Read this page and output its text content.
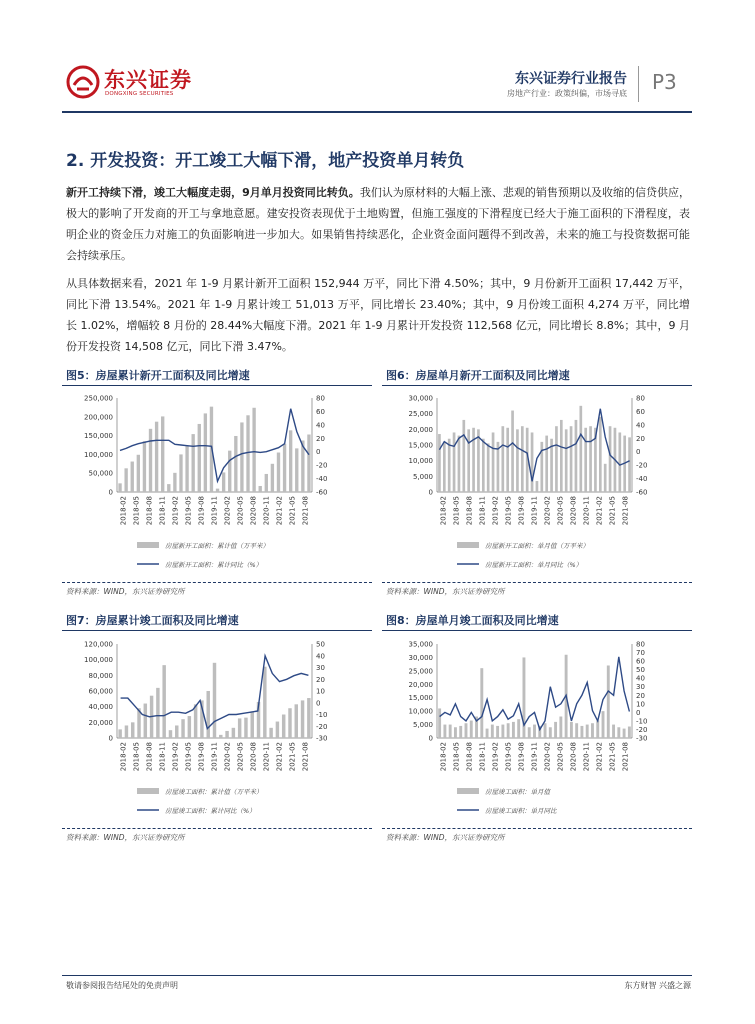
东兴证券
DONGXING SECURITIES
东兴证券行业报告
房地产行业：政策纠偏，市场寻底 P3
2. 开发投资：开工竣工大幅下滑，地产投资单月转负
新开工持续下滑，竣工大幅度走弱，9月单月投资同比转负。我们认为原材料的大幅上涨、悲观的销售预期以及收缩的信贷供应，极大的影响了开发商的开工与拿地意愿。建安投资表现优于土地购置，但施工强度的下滑程度已经大于施工面积的下滑程度，表明企业的资金压力对施工的负面影响进一步加大。如果销售持续恶化，企业资金面问题得不到改善，未来的施工与投资数据可能会持续承压。
从具体数据来看，2021 年 1-9 月累计新开工面积 152,944 万平，同比下滑 4.50%；其中，9 月份新开工面积 17,442 万平，同比下滑 13.54%。2021 年 1-9 月累计竣工 51,013 万平，同比增长 23.40%；其中，9 月份竣工面积 4,274 万平，同比增长 1.02%，增幅较 8 月份的 28.44%大幅度下滑。2021 年 1-9 月累计开发投资 112,568 亿元，同比增长 8.8%；其中，9 月份开发投资 14,508 亿元，同比下滑 3.47%。
图5：房屋累计新开工面积及同比增速
250,000
200,000
150,000
100,000
50,000
0
80
60
40
20
0
-20
-40
-60
2018-02 2018-05 2018-08 2018-11 2019-02 2019-05 2019-08 2019-11 2020-02 2020-05 2020-08 2020-11 2021-02 2021-05 2021-08
房屋新开工面积：累计值（万平米）
房屋新开工面积：累计同比（%）
资料来源：WIND，东兴证券研究所
图6：房屋单月新开工面积及同比增速
30,000
25,000
20,000
15,000
10,000
5,000
0
80
60
40
20
0
-20
-40
-60
2018-02 2018-05 2018-08 2018-11 2019-02 2019-05 2019-08 2019-11 2020-02 2020-05 2020-08 2020-11 2021-02 2021-05 2021-08
房屋新开工面积：单月值（万平米）
房屋新开工面积：单月同比（%）
资料来源：WIND，东兴证券研究所
图7：房屋累计竣工面积及同比增速
120,000
100,000
80,000
60,000
40,000
20,000
0
50
40
30
20
10
0
-10
-20
-30
2018-02 2018-05 2018-08 2018-11 2019-02 2019-05 2019-08 2019-11 2020-02 2020-05 2020-08 2020-11 2021-02 2021-05 2021-08
房屋竣工面积：累计值（万平米）
房屋竣工面积：累计同比（%）
资料来源：WIND，东兴证券研究所
图8：房屋单月竣工面积及同比增速
35,000
30,000
25,000
20,000
15,000
10,000
5,000
0
80
70
60
50
40
30
20
10
0
-10
-20
-30
2018-02 2018-05 2018-08 2018-11 2019-02 2019-05 2019-08 2019-11 2020-02 2020-05 2020-08 2020-11 2021-02 2021-05 2021-08
房屋竣工面积：单月值
房屋竣工面积：单月同比
资料来源：WIND，东兴证券研究所
敬请参阅报告结尾处的免责声明	东方财智 兴盛之源
